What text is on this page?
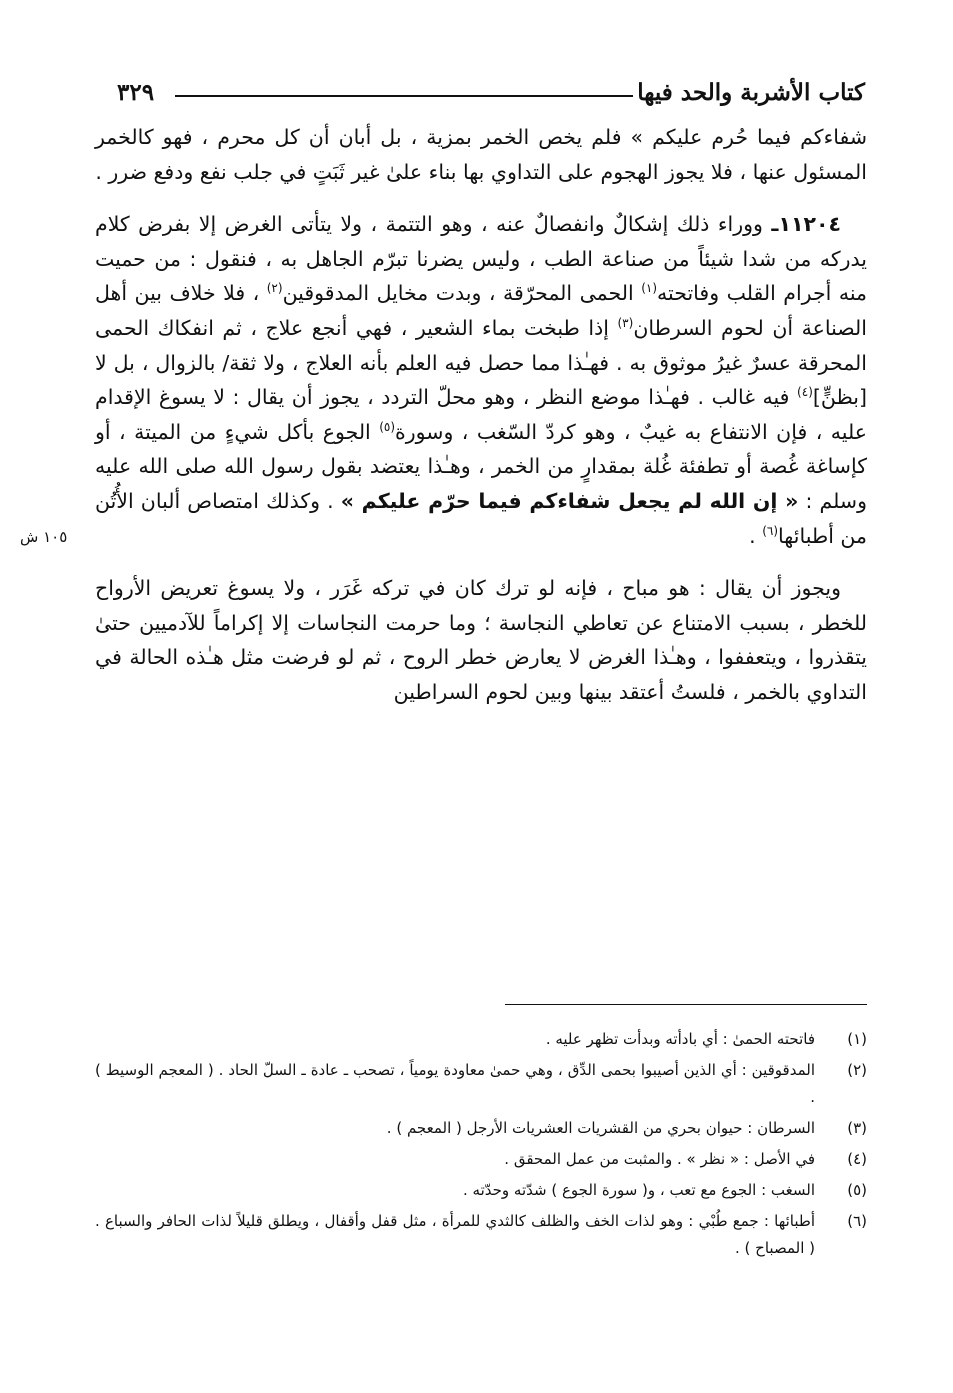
كتاب الأشربة والحد فيها
٣٢٩
١٠٥ ش

شفاءكم فيما حُرم عليكم » فلم يخص الخمر بمزية ، بل أبان أن كل محرم ، فهو كالخمر المسئول عنها ، فلا يجوز الهجوم على التداوي بها بناء علىٰ غير ثَبَتٍ في جلب نفع ودفع ضرر .

١١٢٠٤ـ ووراء ذلك إشكالٌ وانفصالٌ عنه ، وهو التتمة ، ولا يتأتى الغرض إلا بفرض كلام يدركه من شدا شيئاً من صناعة الطب ، وليس يضرنا تبرّم الجاهل به ، فنقول : من حميت منه أجرام القلب وفاتحته$^{(١)}$ الحمى المحرّقة ، وبدت مخايل المدقوقين$^{(٢)}$ ، فلا خلاف بين أهل الصناعة أن لحوم السرطان$^{(٣)}$ إذا طبخت بماء الشعير ، فهي أنجع علاج ، ثم انفكاك الحمى المحرقة عسرٌ غيرُ موثوق به . فهـٰذا مما حصل فيه العلم بأنه العلاج ، ولا ثقة/ بالزوال ، بل لا [بظنٍّ]$^{(٤)}$ فيه غالب . فهـٰذا موضع النظر ، وهو محلّ التردد ، يجوز أن يقال : لا يسوغ الإقدام عليه ، فإن الانتفاع به غيبٌ ، وهو كردّ السّغب ، وسورة$^{(٥)}$ الجوع بأكل شيءٍ من الميتة ، أو كإساغة غُصة أو تطفئة غُلة بمقدارٍ من الخمر ، وهـٰذا يعتضد بقول رسول الله صلى الله عليه وسلم : « إن الله لم يجعل شفاءكم فيما حرّم عليكم » . وكذلك امتصاص ألبان الأُتُن من أطبائها$^{(٦)}$ .

ويجوز أن يقال : هو مباح ، فإنه لو ترك كان في تركه غَرَر ، ولا يسوغ تعريض الأرواح للخطر ، بسبب الامتناع عن تعاطي النجاسة ؛ وما حرمت النجاسات إلا إكراماً للآدميين حتىٰ يتقذروا ، ويتعففوا ، وهـٰذا الغرض لا يعارض خطر الروح ، ثم لو فرضت مثل هـٰذه الحالة في التداوي بالخمر ، فلستُ أعتقد بينها وبين لحوم السراطين

(١)
فاتحته الحمىٰ : أي بادأته وبدأت تظهر عليه .
(٢)
المدقوقين : أي الذين أصيبوا بحمى الدِّق ، وهي حمىٰ معاودة يومياً ، تصحب ـ عادة ـ السلّ الحاد . ( المعجم الوسيط ) .
(٣)
السرطان : حيوان بحري من القشريات العشريات الأرجل ( المعجم ) .
(٤)
في الأصل : « نظر » . والمثبت من عمل المحقق .
(٥)
السغب : الجوع مع تعب ، و( سورة الجوع ) شدّته وحدّته .
(٦)
أطبائها : جمع طُبْي : وهو لذات الخف والظلف كالثدي للمرأة ، مثل قفل وأقفال ، ويطلق قليلاً لذات الحافر والسباع . ( المصباح ) .
